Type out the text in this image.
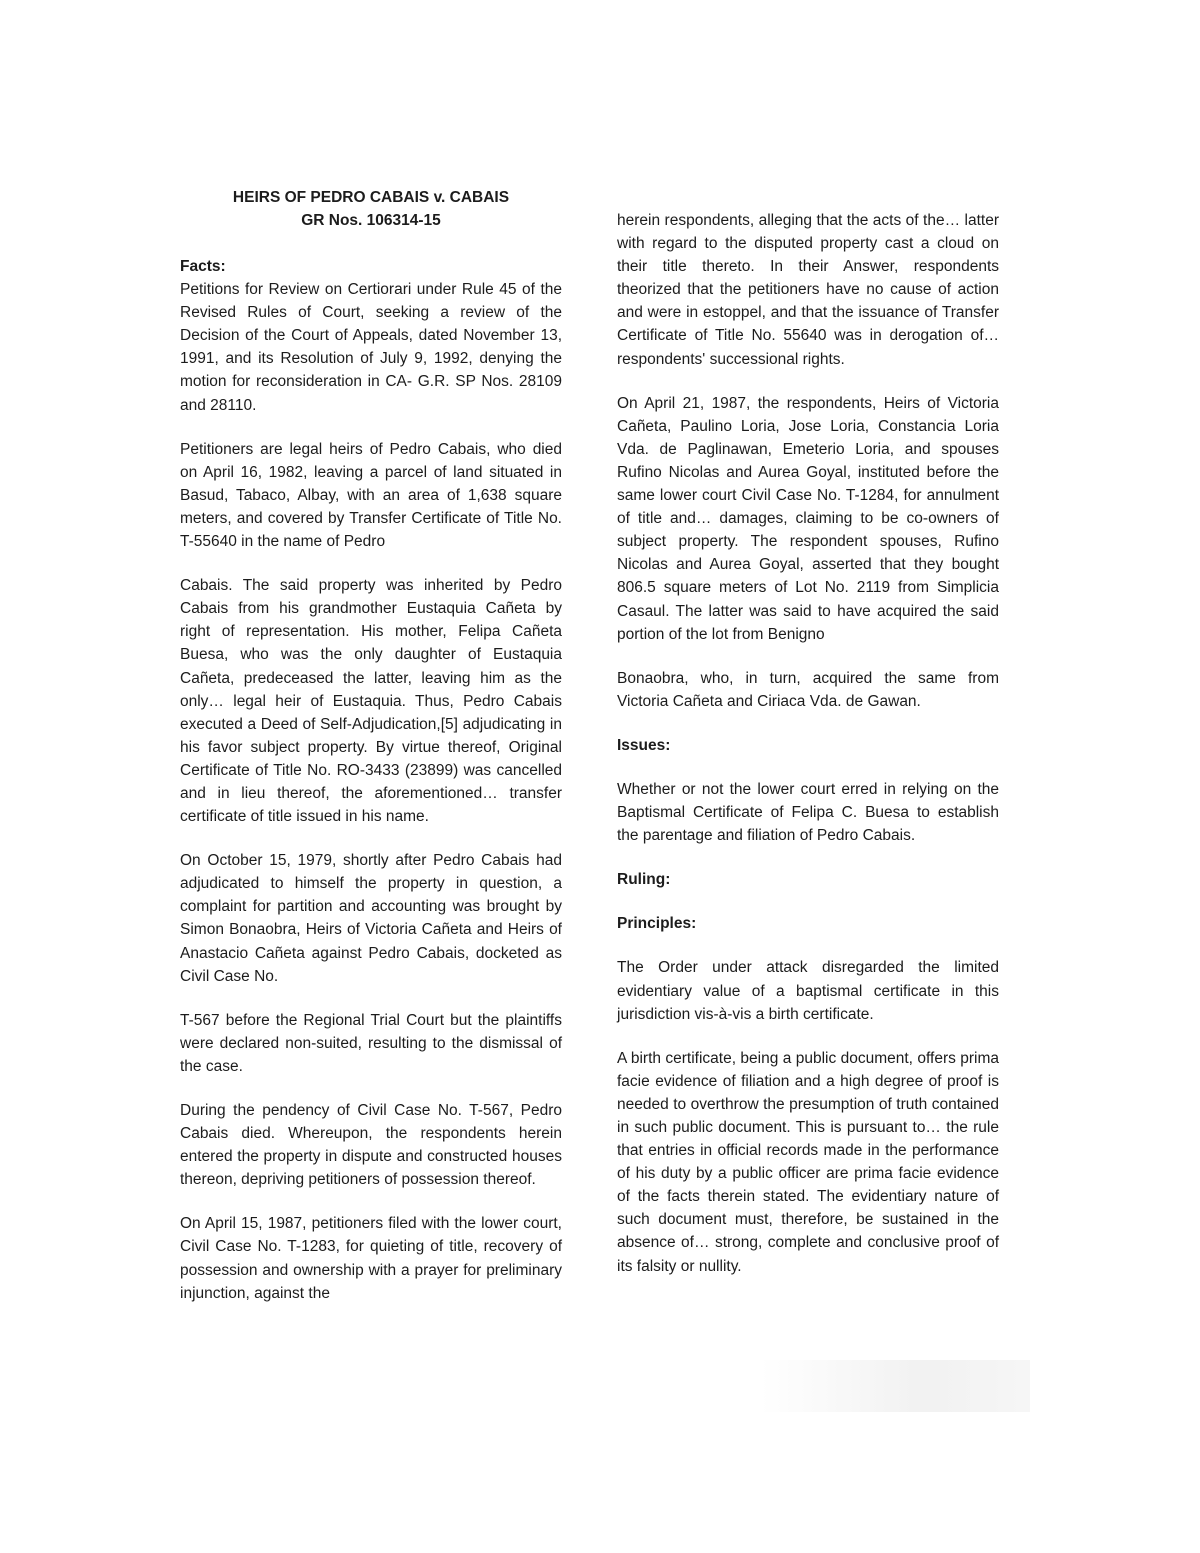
HEIRS OF PEDRO CABAIS v. CABAIS
GR Nos. 106314-15
Facts:

Petitions for Review on Certiorari under Rule 45 of the Revised Rules of Court, seeking a review of the Decision of the Court of Appeals, dated November 13, 1991, and its Resolution of July 9, 1992, denying the motion for reconsideration in CA- G.R. SP Nos. 28109 and 28110.

Petitioners are legal heirs of Pedro Cabais, who died on April 16, 1982, leaving a parcel of land situated in Basud, Tabaco, Albay, with an area of 1,638 square meters, and covered by Transfer Certificate of Title No. T-55640 in the name of Pedro

Cabais. The said property was inherited by Pedro Cabais from his grandmother Eustaquia Cañeta by right of representation. His mother, Felipa Cañeta Buesa, who was the only daughter of Eustaquia Cañeta, predeceased the latter, leaving him as the only… legal heir of Eustaquia. Thus, Pedro Cabais executed a Deed of Self-Adjudication,[5] adjudicating in his favor subject property. By virtue thereof, Original Certificate of Title No. RO-3433 (23899) was cancelled and in lieu thereof, the aforementioned… transfer certificate of title issued in his name.

On October 15, 1979, shortly after Pedro Cabais had adjudicated to himself the property in question, a complaint for partition and accounting was brought by Simon Bonaobra, Heirs of Victoria Cañeta and Heirs of Anastacio Cañeta against Pedro Cabais, docketed as Civil Case No.

T-567 before the Regional Trial Court but the plaintiffs were declared non-suited, resulting to the dismissal of the case.

During the pendency of Civil Case No. T-567, Pedro Cabais died. Whereupon, the respondents herein entered the property in dispute and constructed houses thereon, depriving petitioners of possession thereof.

On April 15, 1987, petitioners filed with the lower court, Civil Case No. T-1283, for quieting of title, recovery of possession and ownership with a prayer for preliminary injunction, against the

herein respondents, alleging that the acts of the… latter with regard to the disputed property cast a cloud on their title thereto. In their Answer, respondents theorized that the petitioners have no cause of action and were in estoppel, and that the issuance of Transfer Certificate of Title No. 55640 was in derogation of… respondents' successional rights.

On April 21, 1987, the respondents, Heirs of Victoria Cañeta, Paulino Loria, Jose Loria, Constancia Loria Vda. de Paglinawan, Emeterio Loria, and spouses Rufino Nicolas and Aurea Goyal, instituted before the same lower court Civil Case No. T-1284, for annulment of title and… damages, claiming to be co-owners of subject property. The respondent spouses, Rufino Nicolas and Aurea Goyal, asserted that they bought 806.5 square meters of Lot No. 2119 from Simplicia Casaul. The latter was said to have acquired the said portion of the lot from Benigno

Bonaobra, who, in turn, acquired the same from Victoria Cañeta and Ciriaca Vda. de Gawan.

Issues:

Whether or not the lower court erred in relying on the Baptismal Certificate of Felipa C. Buesa to establish the parentage and filiation of Pedro Cabais.

Ruling:
Principles:

The Order under attack disregarded the limited evidentiary value of a baptismal certificate in this jurisdiction vis-à-vis a birth certificate.

A birth certificate, being a public document, offers prima facie evidence of filiation and a high degree of proof is needed to overthrow the presumption of truth contained in such public document. This is pursuant to… the rule that entries in official records made in the performance of his duty by a public officer are prima facie evidence of the facts therein stated. The evidentiary nature of such document must, therefore, be sustained in the absence of… strong, complete and conclusive proof of its falsity or nullity.
